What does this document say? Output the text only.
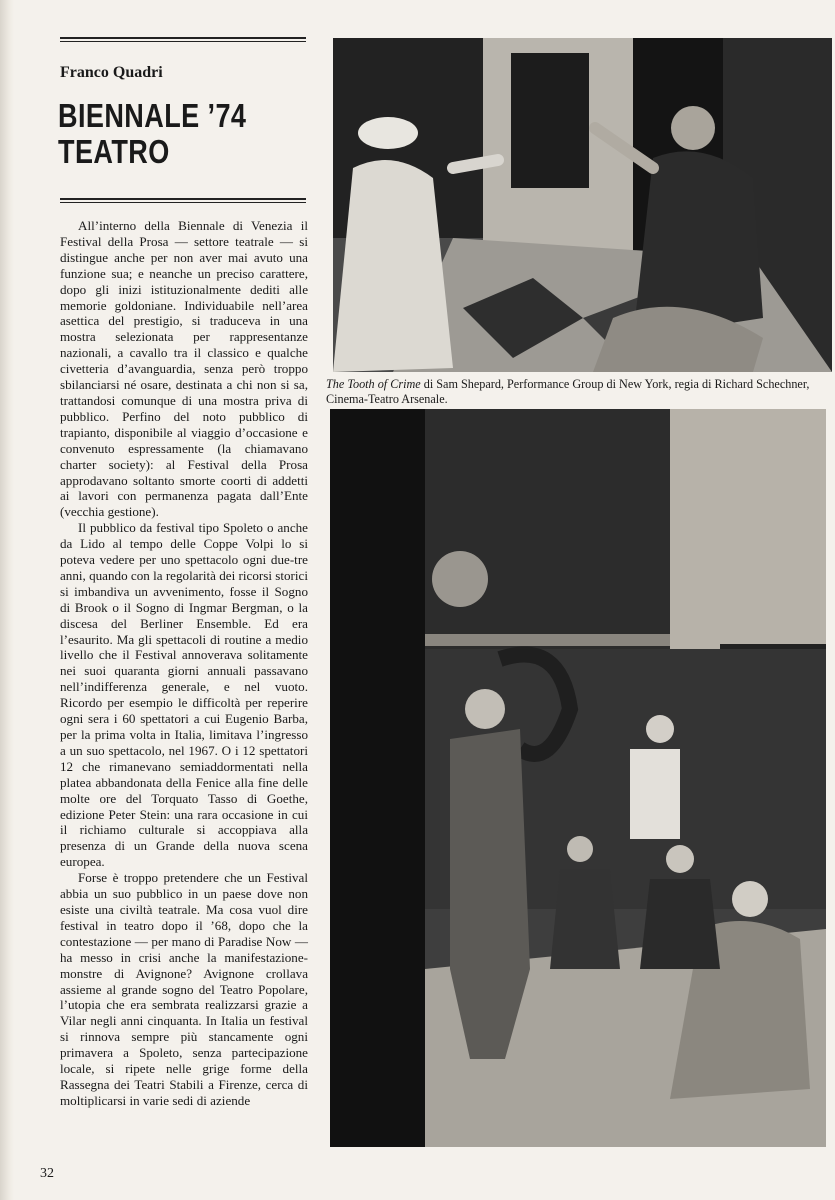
Franco Quadri
BIENNALE ’74
TEATRO

All’interno della Biennale di Venezia il Festival della Prosa — settore teatrale — si distingue anche per non aver mai avuto una funzione sua; e neanche un preciso carattere, dopo gli inizi istituzionalmente dediti alle memorie goldoniane. Individuabile nell’area asettica del prestigio, si traduceva in una mostra selezionata per rappresentanze nazionali, a cavallo tra il classico e qualche civetteria d’avanguardia, senza però troppo sbilanciarsi né osare, destinata a chi non si sa, trattandosi comunque di una mostra priva di pubblico. Perfino del noto pubblico di trapianto, disponibile al viaggio d’occasione e convenuto espressamente (la chiamavano charter society): al Festival della Prosa approdavano soltanto smorte coorti di addetti ai lavori con permanenza pagata dall’Ente (vecchia gestione).

Il pubblico da festival tipo Spoleto o anche da Lido al tempo delle Coppe Volpi lo si poteva vedere per uno spettacolo ogni due-tre anni, quando con la regolarità dei ricorsi storici si imbandiva un avvenimento, fosse il Sogno di Brook o il Sogno di Ingmar Bergman, o la discesa del Berliner Ensemble. Ed era l’esaurito. Ma gli spettacoli di routine a medio livello che il Festival annoverava solitamente nei suoi quaranta giorni annuali passavano nell’indifferenza generale, e nel vuoto. Ricordo per esempio le difficoltà per reperire ogni sera i 60 spettatori a cui Eugenio Barba, per la prima volta in Italia, limitava l’ingresso a un suo spettacolo, nel 1967. O i 12 spettatori 12 che rimanevano semiaddormentati nella platea abbandonata della Fenice alla fine delle molte ore del Torquato Tasso di Goethe, edizione Peter Stein: una rara occasione in cui il richiamo culturale si accoppiava alla presenza di un Grande della nuova scena europea.

Forse è troppo pretendere che un Festival abbia un suo pubblico in un paese dove non esiste una civiltà teatrale. Ma cosa vuol dire festival in teatro dopo il ’68, dopo che la contestazione — per mano di Paradise Now — ha messo in crisi anche la manifestazione-monstre di Avignone? Avignone crollava assieme al grande sogno del Teatro Popolare, l’utopia che era sembrata realizzarsi grazie a Vilar negli anni cinquanta. In Italia un festival si rinnova sempre più stancamente ogni primavera a Spoleto, senza partecipazione locale, si ripete nelle grige forme della Rassegna dei Teatri Stabili a Firenze, cerca di moltiplicarsi in varie sedi di aziende

The Tooth of Crime di Sam Shepard, Performance Group di New York, regia di Richard Schechner, Cinema-Teatro Arsenale.
32
